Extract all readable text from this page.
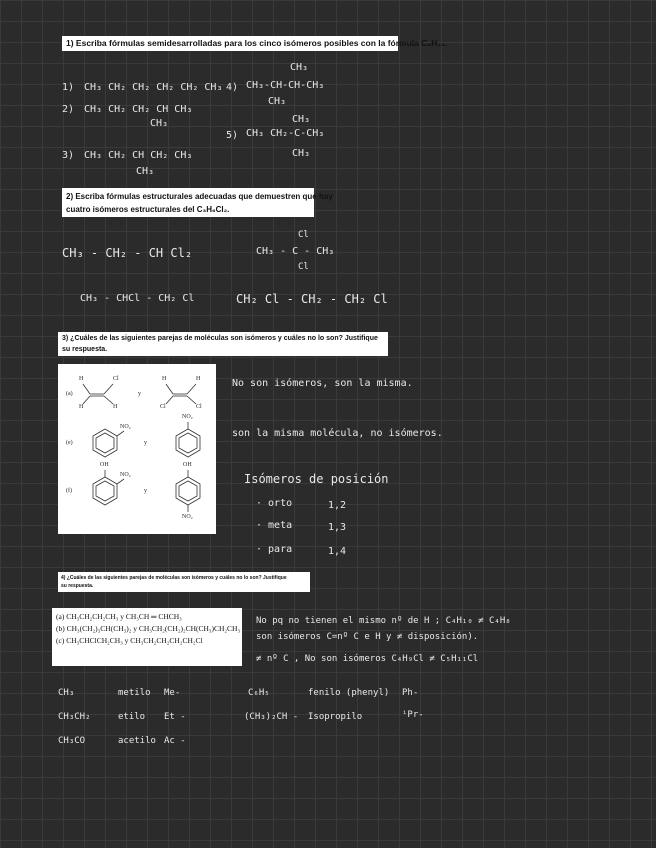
1) Escriba fórmulas semidesarrolladas para los cinco isómeros posibles con la fórmula C₆H₁₄.
1) CH₃ CH₂ CH₂ CH₂ CH₂ CH₃
2) CH₃ CH₂ CH₂ CH CH₃
CH₃
3) CH₃ CH₂ CH CH₂ CH₃
CH₃
CH₃
4) CH₃-CH-CH-CH₃
CH₃
CH₃
5) CH₃ CH₂-C-CH₃
CH₃
2) Escriba fórmulas estructurales adecuadas que demuestren que hay
cuatro isómeros estructurales del C₃H₆Cl₂.
CH₃ - CH₂ - CH Cl₂
Cl
CH₃ - C - CH₃
Cl
CH₃ - CHCl - CH₂ Cl	CH₂ Cl - CH₂ - CH₂ Cl
3) ¿Cuáles de las siguientes parejas de moléculas son isómeros y cuáles no lo son? Justifique
su respuesta.
(a)
H	Cl
H	H
y
H	H
Cl	Cl
(e)
NO₂
y
NO₂
(f)
OH
NO₂
y
OH
NO₂
No son isómeros, son la misma.
son la misma molécula, no isómeros.
Isómeros de posición
· orto	1,2
· meta	1,3
· para	1,4
4) ¿Cuáles de las siguientes parejas de moléculas son isómeros y cuáles no lo son? Justifique
su respuesta.
(a) CH₃CH₂CH₂CH₃ y CH₃CH ═ CHCH₃
(b) CH₃(CH₂)₃CH(CH₃)₂ y CH₃CH₂(CH₂)₂CH(CH₃)CH₂CH₃
(c) CH₃CHClCH₂CH₃ y CH₃CH₂CH₂CH₂CH₂Cl
No pq no tienen el mismo nº de H ; C₄H₁₀ ≠ C₄H₈
son isómeros C=nº C e H y ≠ disposición).
≠ nº C , No son isómeros C₄H₉Cl ≠ C₅H₁₁Cl
CH₃	metilo Me-	C₆H₅	fenilo (phenyl) Ph-
CH₃CH₂	etilo Et -	(CH₃)₂CH - Isopropilo	ⁱPr-
CH₃CO	acetilo Ac -
